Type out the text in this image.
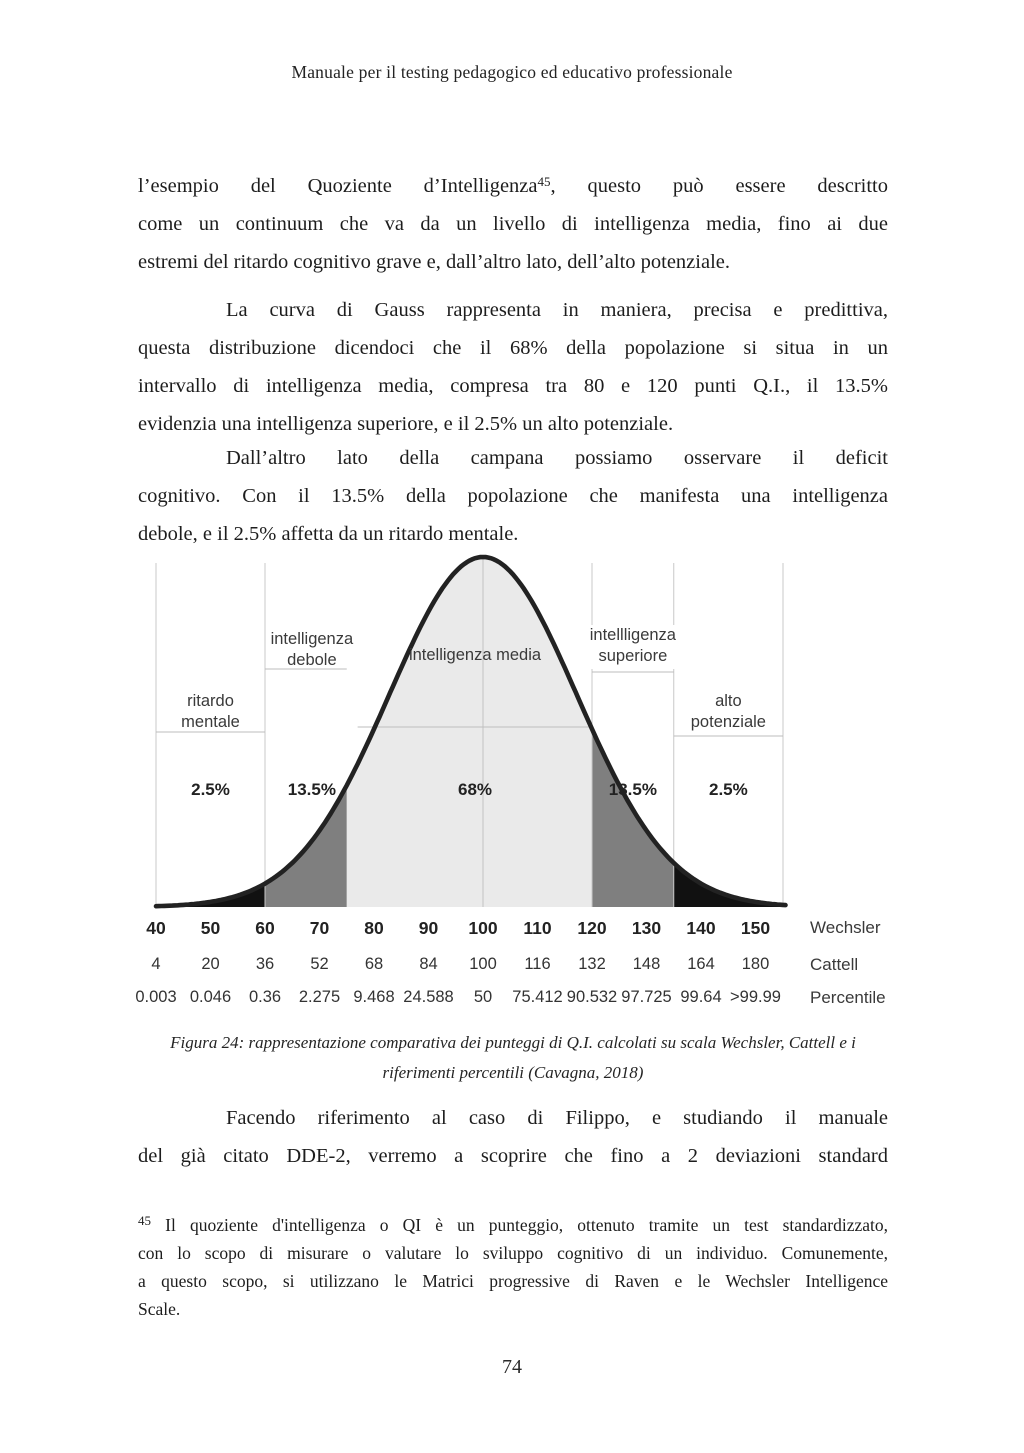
Manuale per il testing pedagogico ed educativo professionale
l’esempio del Quoziente d’Intelligenza$^{45}$, questo può essere descritto
come un continuum che va da un livello di intelligenza media, fino ai due
estremi del ritardo cognitivo grave e, dall’altro lato, dell’alto potenziale.
La curva di Gauss rappresenta in maniera, precisa e predittiva,
questa distribuzione dicendoci che il 68% della popolazione si situa in un
intervallo di intelligenza media, compresa tra 80 e 120 punti Q.I., il 13.5%
evidenzia una intelligenza superiore, e il 2.5% un alto potenziale.
Dall’altro lato della campana possiamo osservare il deficit
cognitivo. Con il 13.5% della popolazione che manifesta una intelligenza
debole, e il 2.5% affetta da un ritardo mentale.
ritardo
mentale
2.5%
intelligenza
debole
13.5%
intelligenza media
68%
intellligenza
superiore
13.5%
alto
potenziale
2.5%
40 50 60 70 80 90 100 110 120 130 140 150 Wechsler
4 20 36 52 68 84 100 116 132 148 164 180 Cattell
0.003 0.046 0.36 2.275 9.468 24.588 50 75.412 90.532 97.725 99.64 >99.99 Percentile
Figura 24: rappresentazione comparativa dei punteggi di Q.I. calcolati su scala Wechsler, Cattell e i
riferimenti percentili (Cavagna, 2018)
Facendo riferimento al caso di Filippo, e studiando il manuale
del già citato DDE-2, verremo a scoprire che fino a 2 deviazioni standard
$^{45}$ Il quoziente d'intelligenza o QI è un punteggio, ottenuto tramite un test standardizzato,
con lo scopo di misurare o valutare lo sviluppo cognitivo di un individuo. Comunemente,
a questo scopo, si utilizzano le Matrici progressive di Raven e le Wechsler Intelligence
Scale.
74
